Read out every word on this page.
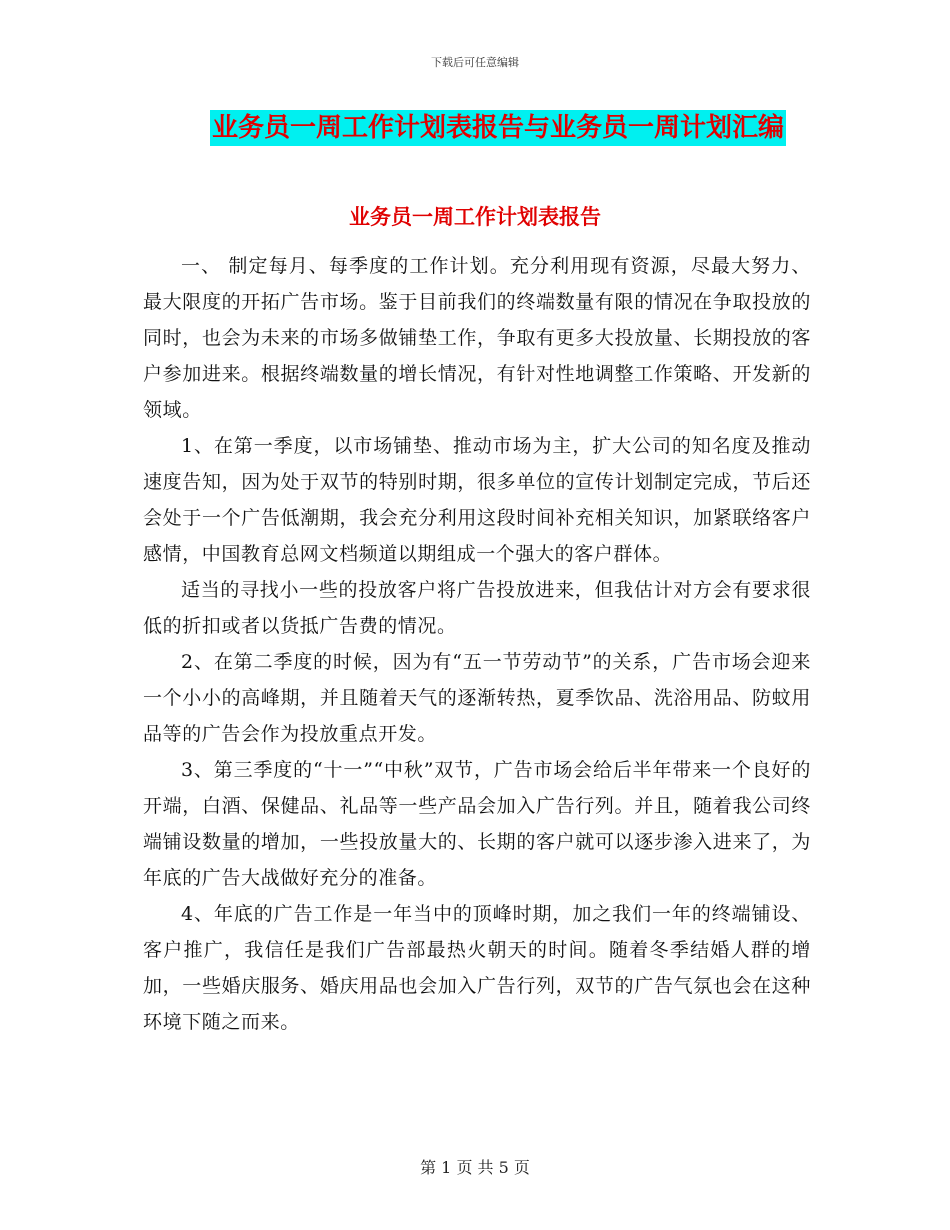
下载后可任意编辑
业务员一周工作计划表报告与业务员一周计划汇编
业务员一周工作计划表报告

一、 制定每月、每季度的工作计划。充分利用现有资源，尽最大努力、最大限度的开拓广告市场。鉴于目前我们的终端数量有限的情况在争取投放的同时，也会为未来的市场多做铺垫工作，争取有更多大投放量、长期投放的客户参加进来。根据终端数量的增长情况，有针对性地调整工作策略、开发新的领域。

1、在第一季度，以市场铺垫、推动市场为主，扩大公司的知名度及推动速度告知，因为处于双节的特别时期，很多单位的宣传计划制定完成，节后还会处于一个广告低潮期，我会充分利用这段时间补充相关知识，加紧联络客户感情，中国教育总网文档频道以期组成一个强大的客户群体。

适当的寻找小一些的投放客户将广告投放进来，但我估计对方会有要求很低的折扣或者以货抵广告费的情况。

2、在第二季度的时候，因为有“五一节劳动节”的关系，广告市场会迎来一个小小的高峰期，并且随着天气的逐渐转热，夏季饮品、洗浴用品、防蚊用品等的广告会作为投放重点开发。

3、第三季度的“十一”“中秋”双节，广告市场会给后半年带来一个良好的开端，白酒、保健品、礼品等一些产品会加入广告行列。并且，随着我公司终端铺设数量的增加，一些投放量大的、长期的客户就可以逐步渗入进来了，为年底的广告大战做好充分的准备。

4、年底的广告工作是一年当中的顶峰时期，加之我们一年的终端铺设、客户推广，我信任是我们广告部最热火朝天的时间。随着冬季结婚人群的增加，一些婚庆服务、婚庆用品也会加入广告行列，双节的广告气氛也会在这种环境下随之而来。

第 1 页 共 5 页
